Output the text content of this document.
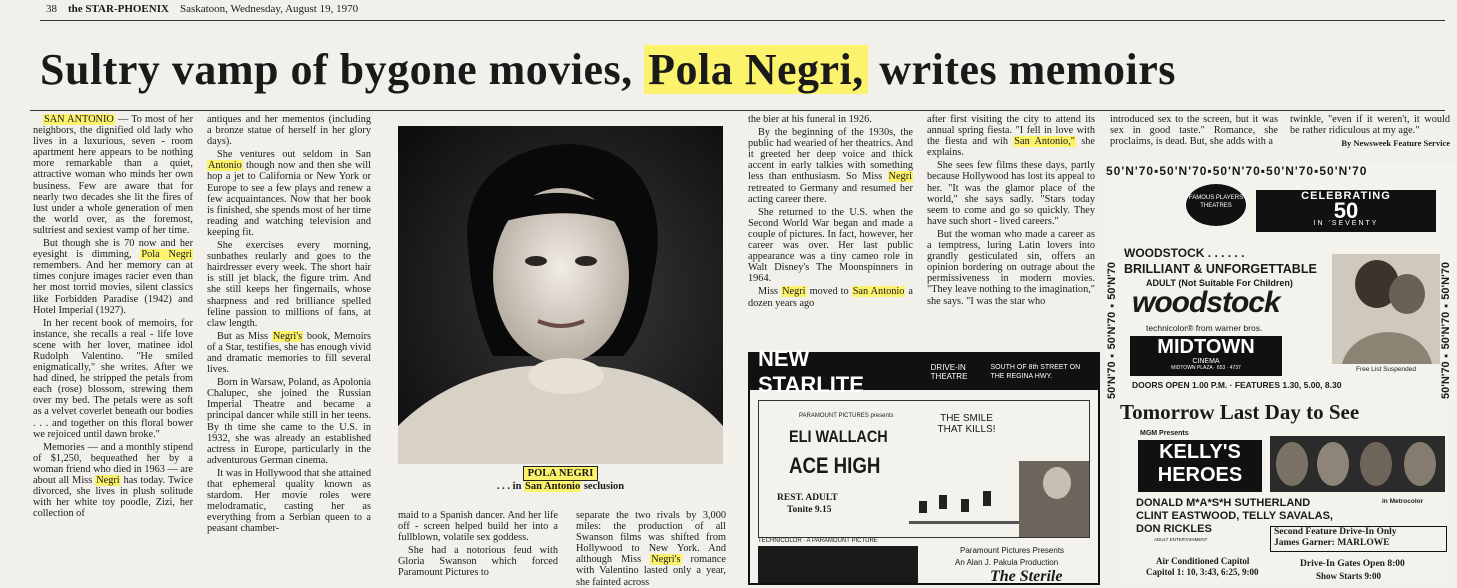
38 the STAR-PHOENIX Saskatoon, Wednesday, August 19, 1970
Sultry vamp of bygone movies, Pola Negri, writes memoirs

SAN ANTONIO — To most of her neighbors, the dignified old lady who lives in a luxurious, seven - room apartment here appears to be nothing more remarkable than a quiet, attractive woman who minds her own business. Few are aware that for nearly two decades she lit the fires of lust under a whole generation of men the world over, as the foremost, sultriest and sexiest vamp of her time.

But though she is 70 now and her eyesight is dimming, Pola Negri remembers. And her memory can at times conjure images racier even than her most torrid movies, silent classics like Forbidden Paradise (1942) and Hotel Imperial (1927).

In her recent book of memoirs, for instance, she recalls a real - life love scene with her lover, matinee idol Rudolph Valentino. "He smiled enigmatically," she writes. After we had dined, he stripped the petals from each (rose) blossom, strewing them over my bed. The petals were as soft as a velvet coverlet beneath our bodies . . . and together on this floral bower we rejoiced until dawn broke."

Memories — and a monthly stipend of $1,250, bequeathed her by a woman friend who died in 1963 — are about all Miss Negri has today. Twice divorced, she lives in plush solitude with her white toy poodle, Zizi, her collection of

antiques and her mementos (including a bronze statue of herself in her glory days).

She ventures out seldom in San Antonio though now and then she will hop a jet to California or New York or Europe to see a few plays and renew a few acquaintances. Now that her book is finished, she spends most of her time reading and watching television and keeping fit.

She exercises every morning, sunbathes reularly and goes to the hairdresser every week. The short hair is still jet black, the figure trim. And she still keeps her fingernails, whose sharpness and red brilliance spelled feline passion to millions of fans, at claw length.

But as Miss Negri's book, Memoirs of a Star, testifies, she has enough vivid and dramatic memories to fill several lives.

Born in Warsaw, Poland, as Apolonia Chalupec, she joined the Russian Imperial Theatre and became a principal dancer while still in her teens. By th time she came to the U.S. in 1932, she was already an established actress in Europe, particularly in the adventurous German cinema.

It was in Hollywood that she attained that ephemeral quality known as stardom. Her movie roles were melodramatic, casting her as everything from a Serbian queen to a peasant chamber-

POLA NEGRI
. . . in San Antonio seclusion

maid to a Spanish dancer. And her life off - screen helped build her into a fullblown, volatile sex goddess.

She had a notorious feud with Gloria Swanson which forced Paramount Pictures to

separate the two rivals by 3,000 miles: the production of all Swanson films was shifted from Hollywood to New York. And although Miss Negri's romance with Valentino lasted only a year, she fainted across

the bier at his funeral in 1926.

By the beginning of the 1930s, the public had wearied of her theatrics. And it greeted her deep voice and thick accent in early talkies with something less than enthusiasm. So Miss Negri retreated to Germany and resumed her acting career there.

She returned to the U.S. when the Second World War began and made a couple of pictures. In fact, however, her career was over. Her last public appearance was a tiny cameo role in Walt Disney's The Moonspinners in 1964.

Miss Negri moved to San Antonio a dozen years ago

after first visiting the city to attend its annual spring fiesta. "I fell in love with the fiesta and wih San Antonio," she explains.

She sees few films these days, partly because Hollywood has lost its appeal to her. "It was the glamor place of the world," she says sadly. "Stars today seem to come and go so quickly. They have such short - lived careers."

But the woman who made a career as a temptress, luring Latin lovers into grandly gesticulated sin, offers an opinion bordering on outrage about the permissiveness in modern movies. "They leave nothing to the imagination," she says. "I was the star who

introduced sex to the screen, but it was sex in good taste." Romance, she proclaims, is dead. But, she adds with a

twinkle, "even if it weren't, it would be rather ridiculous at my age."

By Newsweek Feature Service

NEW STARLITE
DRIVE-IN THEATRE
SOUTH OF 8th STREET ON THE REGINA HWY.
PARAMOUNT PICTURES presents
ELI WALLACH
ACE HIGH
THE SMILE THAT KILLS!
REST. ADULT
Tonite 9.15
TECHNICOLOR · A PARAMOUNT PICTURE
Paramount Pictures Presents
An Alan J. Pakula Production
The Sterile
50'N'70▪50'N'70▪50'N'70▪50'N'70▪50'N'70
50'N'70▪50'N'70▪50'N'70
50'N'70▪50'N'70▪50'N'70
FAMOUS PLAYERS THEATRES
CELEBRATING
50
IN 'SEVENTY
WOODSTOCK . . . . . .
BRILLIANT & UNFORGETTABLE
ADULT (Not Suitable For Children)
woodstock
technicolor® from warner bros.
MIDTOWN
CINEMA
MIDTOWN PLAZA · 653 · 4737	Free List Suspended
DOORS OPEN 1.00 P.M. · FEATURES 1.30, 5.00, 8.30
Tomorrow Last Day to See
MGM Presents
KELLY'S
HEROES
DONALD M*A*S*H SUTHERLAND	in Metrocolor
CLINT EASTWOOD, TELLY SAVALAS,
DON RICKLES
ADULT ENTERTAINMENT
Second Feature Drive-In Only
James Garner: MARLOWE
Air Conditioned Capitol
Capitol 1: 10, 3:43, 6:25, 9:00
Drive-In Gates Open 8:00
Show Starts 9:00
